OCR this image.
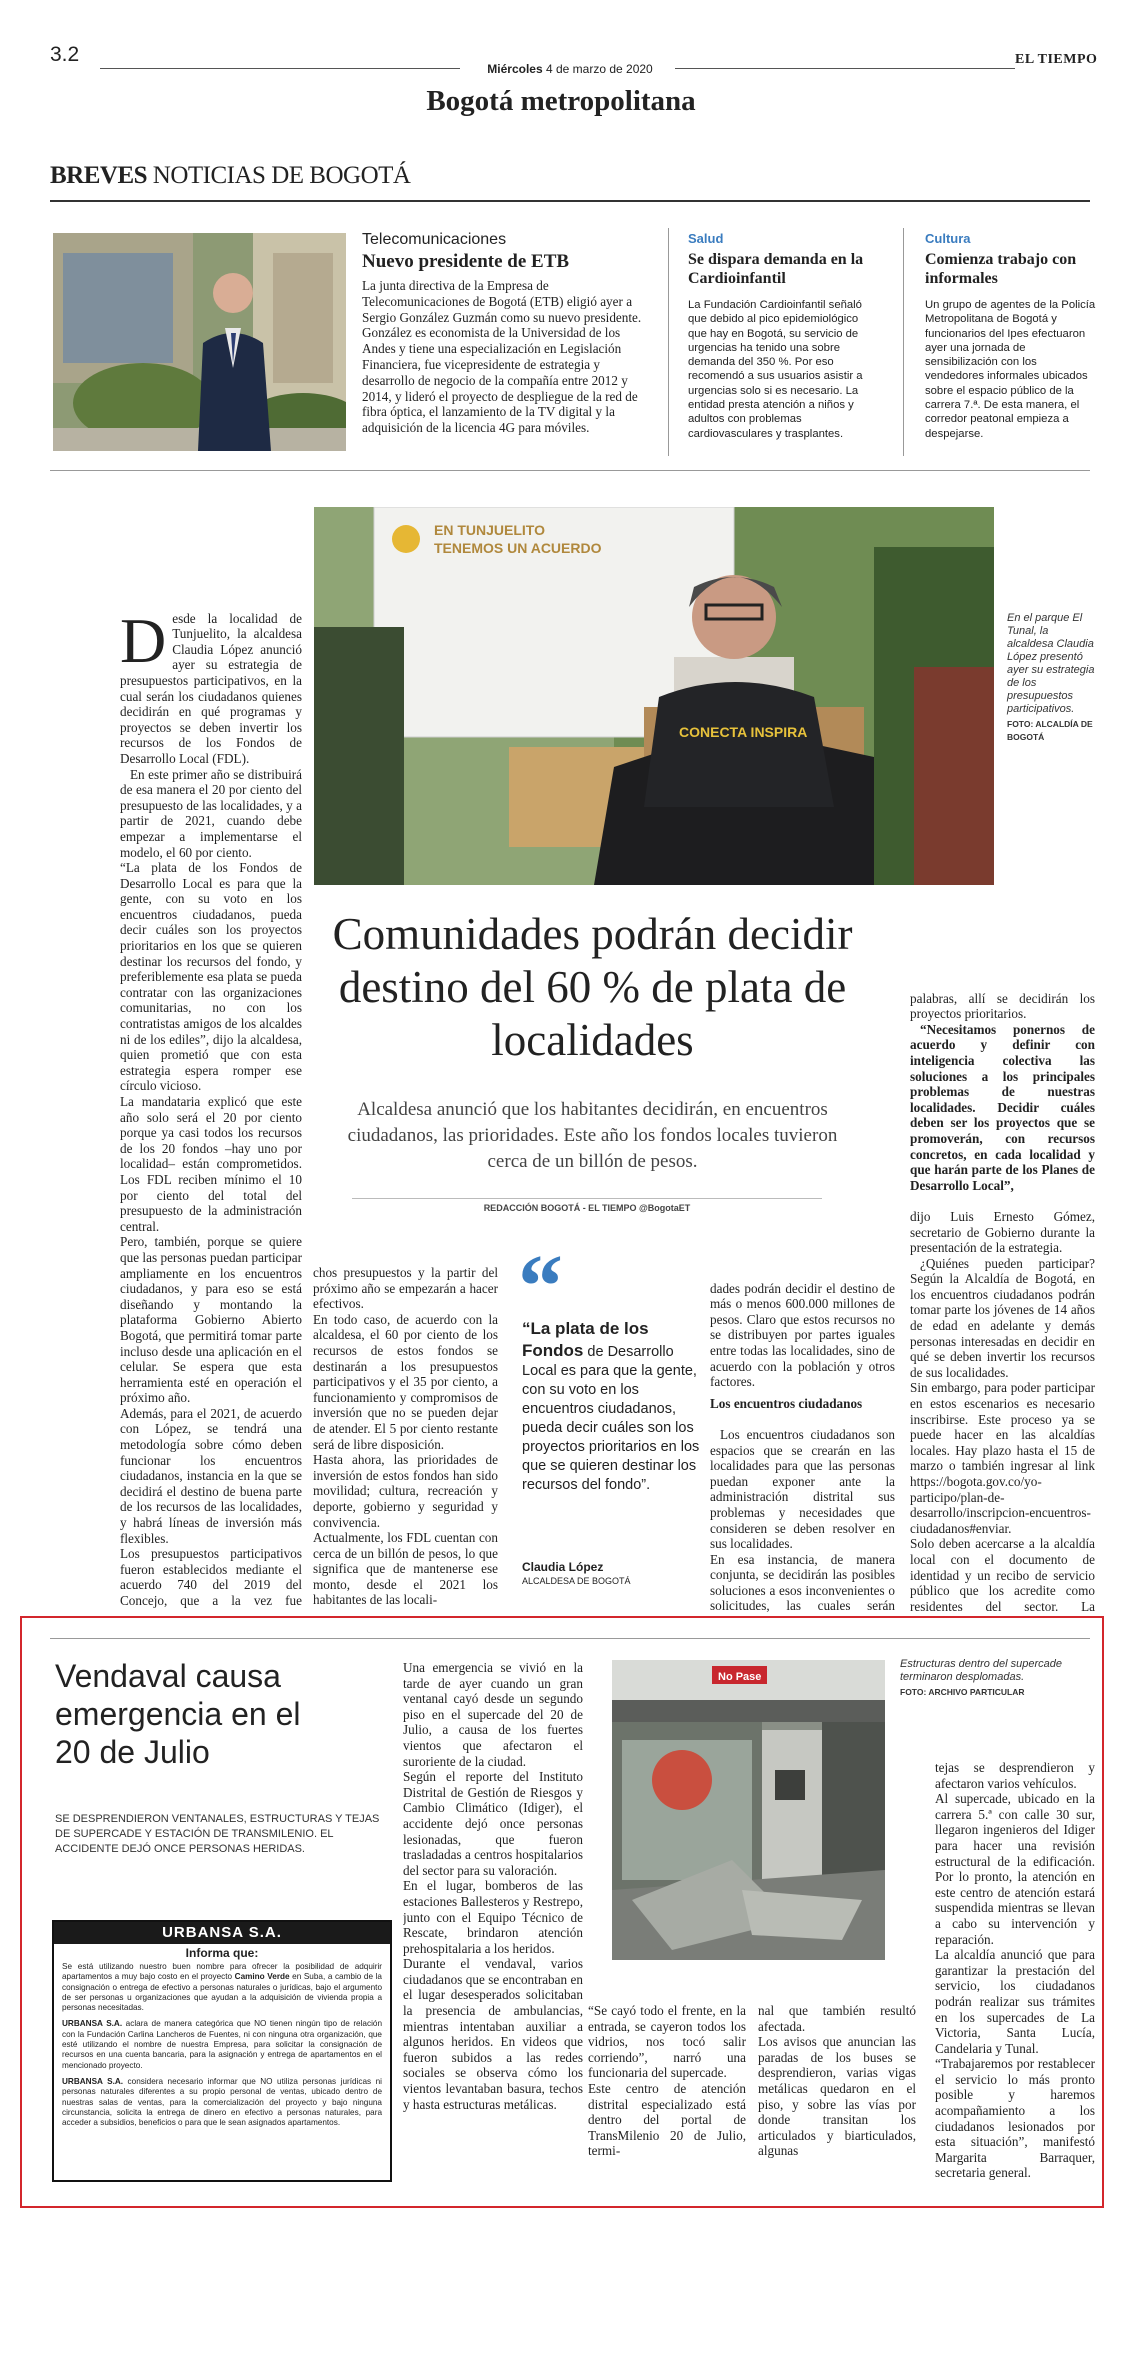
3.2
Miércoles 4 de marzo de 2020
EL TIEMPO
Bogotá metropolitana
BREVES NOTICIAS DE BOGOTÁ
Telecomunicaciones
Nuevo presidente de ETB
La junta directiva de la Empresa de Telecomunicaciones de Bogotá (ETB) eligió ayer a Sergio González Guzmán como su nuevo presidente. González es economista de la Universidad de los Andes y tiene una especialización en Legislación Financiera, fue vicepresidente de estrategia y desarrollo de negocio de la compañía entre 2012 y 2014, y lideró el proyecto de despliegue de la red de fibra óptica, el lanzamiento de la TV digital y la adquisición de la licencia 4G para móviles.
Salud
Se dispara demanda en la Cardioinfantil
La Fundación Cardioinfantil señaló que debido al pico epidemiológico que hay en Bogotá, su servicio de urgencias ha tenido una sobre demanda del 350 %. Por eso recomendó a sus usuarios asistir a urgencias solo si es necesario. La entidad presta atención a niños y adultos con problemas cardiovasculares y trasplantes.
Cultura
Comienza trabajo con informales
Un grupo de agentes de la Policía Metropolitana de Bogotá y funcionarios del Ipes efectuaron ayer una jornada de sensibilización con los vendedores informales ubicados sobre el espacio público de la carrera 7.ª. De esta manera, el corredor peatonal empieza a despejarse.
EN TUNJUELITO
TENEMOS UN ACUERDO
CONECTA INSPIRA
En el parque El Tunal, la alcaldesa Claudia López presentó ayer su estrategia de los presupuestos participativos.
FOTO: ALCALDÍA DE BOGOTÁ

Desde la localidad de Tunjuelito, la alcaldesa Claudia López anunció ayer su estrategia de presupuestos participativos, en la cual serán los ciudadanos quienes decidirán en qué programas y proyectos se deben invertir los recursos de los Fondos de Desarrollo Local (FDL).

En este primer año se distribuirá de esa manera el 20 por ciento del presupuesto de las localidades, y a partir de 2021, cuando debe empezar a implementarse el modelo, el 60 por ciento.
“La plata de los Fondos de Desarrollo Local es para que la gente, con su voto en los encuentros ciudadanos, pueda decir cuáles son los proyectos prioritarios en los que se quieren destinar los recursos del fondo, y preferiblemente esa plata se pueda contratar con las organizaciones comunitarias, no con los contratistas amigos de los alcaldes ni de los ediles”, dijo la alcaldesa, quien prometió que con esta estrategia espera romper ese círculo vicioso.
La mandataria explicó que este año solo será el 20 por ciento porque ya casi todos los recursos de los 20 fondos –hay uno por localidad– están comprometidos. Los FDL reciben mínimo el 10 por ciento del total del presupuesto de la administración central.
Pero, también, porque se quiere que las personas puedan participar ampliamente en los encuentros ciudadanos, y para eso se está diseñando y montando la plataforma Gobierno Abierto Bogotá, que permitirá tomar parte incluso desde una aplicación en el celular. Se espera que esta herramienta esté en operación el próximo año.
Además, para el 2021, de acuerdo con López, se tendrá una metodología sobre cómo deben funcionar los encuentros ciudadanos, instancia en la que se decidirá el destino de buena parte de los recursos de las localidades, y habrá líneas de inversión más flexibles.
Los presupuestos participativos fueron establecidos mediante el acuerdo 740 del 2019 del Concejo, que a la vez fue

Comunidades podrán decidir destino del 60 % de plata de localidades
Alcaldesa anunció que los habitantes decidirán, en encuentros ciudadanos, las prioridades. Este año los fondos locales tuvieron cerca de un billón de pesos.
REDACCIÓN BOGOTÁ - EL TIEMPO @BogotaET
chos presupuestos y la partir del próximo año se empezarán a hacer efectivos.
En todo caso, de acuerdo con la alcaldesa, el 60 por ciento de los recursos de estos fondos se destinarán a los presupuestos participativos y el 35 por ciento, a funcionamiento y compromisos de inversión que no se pueden dejar de atender. El 5 por ciento restante será de libre disposición.
Hasta ahora, las prioridades de inversión de estos fondos han sido movilidad; cultura, recreación y deporte, gobierno y seguridad y convivencia.
Actualmente, los FDL cuentan con cerca de un billón de pesos, lo que significa que de mantenerse ese monto, desde el 2021 los habitantes de las locali-
“
“La plata de los Fondos de Desarrollo Local es para que la gente, con su voto en los encuentros ciudadanos, pueda decir cuáles son los proyectos prioritarios en los que se quieren destinar los recursos del fondo”.
Claudia López
ALCALDESA DE BOGOTÁ

dades podrán decidir el destino de más o menos 600.000 millones de pesos. Claro que estos recursos no se distribuyen por partes iguales entre todas las localidades, sino de acuerdo con la población y otros factores.

Los encuentros ciudadanos

Los encuentros ciudadanos son espacios que se crearán en las localidades para que las personas puedan exponer ante la administración distrital sus problemas y necesidades que consideren se deben resolver en sus localidades.
En esa instancia, de manera conjunta, se decidirán las posibles soluciones a esos inconvenientes o solicitudes, las cuales serán

palabras, allí se decidirán los proyectos prioritarios.

“Necesitamos ponernos de acuerdo y definir con inteligencia colectiva las soluciones a los principales problemas de nuestras localidades. Decidir cuáles deben ser los proyectos que se promoverán, con recursos concretos, en cada localidad y que harán parte de los Planes de Desarrollo Local”,

dijo Luis Ernesto Gómez, secretario de Gobierno durante la presentación de la estrategia.

¿Quiénes pueden participar? Según la Alcaldía de Bogotá, en los encuentros ciudadanos podrán tomar parte los jóvenes de 14 años de edad en adelante y demás personas interesadas en decidir en qué se deben invertir los recursos de sus localidades.
Sin embargo, para poder participar en estos escenarios es necesario inscribirse. Este proceso ya se puede hacer en las alcaldías locales. Hay plazo hasta el 15 de marzo o también ingresar al link https://bogota.gov.co/yo-participo/plan-de-desarrollo/inscripcion-encuentros-ciudadanos#enviar.
Solo deben acercarse a la alcaldía local con el documento de identidad y un recibo de servicio público que los acredite como residentes del sector. La

Vendaval causa emergencia en el 20 de Julio
SE DESPRENDIERON VENTANALES, ESTRUCTURAS Y TEJAS DE SUPERCADE Y ESTACIÓN DE TRANSMILENIO. EL ACCIDENTE DEJÓ ONCE PERSONAS HERIDAS.
URBANSA S.A.
Informa que:
Se está utilizando nuestro buen nombre para ofrecer la posibilidad de adquirir apartamentos a muy bajo costo en el proyecto Camino Verde en Suba, a cambio de la consignación o entrega de efectivo a personas naturales o jurídicas, bajo el argumento de ser personas u organizaciones que ayudan a la adquisición de vivienda propia a personas necesitadas.
URBANSA S.A. aclara de manera categórica que NO tienen ningún tipo de relación con la Fundación Carlina Lancheros de Fuentes, ni con ninguna otra organización, que esté utilizando el nombre de nuestra Empresa, para solicitar la consignación de recursos en una cuenta bancaria, para la asignación y entrega de apartamentos en el mencionado proyecto.
URBANSA S.A. considera necesario informar que NO utiliza personas jurídicas ni personas naturales diferentes a su propio personal de ventas, ubicado dentro de nuestras salas de ventas, para la comercialización del proyecto y bajo ninguna circunstancia, solicita la entrega de dinero en efectivo a personas naturales, para acceder a subsidios, beneficios o para que le sean asignados apartamentos.
Una emergencia se vivió en la tarde de ayer cuando un gran ventanal cayó desde un segundo piso en el supercade del 20 de Julio, a causa de los fuertes vientos que afectaron el suroriente de la ciudad.
Según el reporte del Instituto Distrital de Gestión de Riesgos y Cambio Climático (Idiger), el accidente dejó once personas lesionadas, que fueron trasladadas a centros hospitalarios del sector para su valoración.
En el lugar, bomberos de las estaciones Ballesteros y Restrepo, junto con el Equipo Técnico de Rescate, brindaron atención prehospitalaria a los heridos.
Durante el vendaval, varios ciudadanos que se encontraban en el lugar desesperados solicitaban la presencia de ambulancias, mientras intentaban auxiliar a algunos heridos. En videos que fueron subidos a las redes sociales se observa cómo los vientos levantaban basura, techos y hasta estructuras metálicas.
No Pase
Estructuras dentro del supercade terminaron desplomadas.
FOTO: ARCHIVO PARTICULAR
“Se cayó todo el frente, en la entrada, se cayeron todos los vidrios, nos tocó salir corriendo”, narró una funcionaria del supercade.
Este centro de atención distrital especializado está dentro del portal de TransMilenio 20 de Julio, termi-
nal que también resultó afectada.
Los avisos que anuncian las paradas de los buses se desprendieron, varias vigas metálicas quedaron en el piso, y sobre las vías por donde transitan los articulados y biarticulados, algunas
tejas se desprendieron y afectaron varios vehículos.
Al supercade, ubicado en la carrera 5.ª con calle 30 sur, llegaron ingenieros del Idiger para hacer una revisión estructural de la edificación. Por lo pronto, la atención en este centro de atención estará suspendida mientras se llevan a cabo su intervención y reparación.
La alcaldía anunció que para garantizar la prestación del servicio, los ciudadanos podrán realizar sus trámites en los supercades de La Victoria, Santa Lucía, Candelaria y Tunal.
“Trabajaremos por restablecer el servicio lo más pronto posible y haremos acompañamiento a los ciudadanos lesionados por esta situación”, manifestó Margarita Barraquer, secretaria general.
